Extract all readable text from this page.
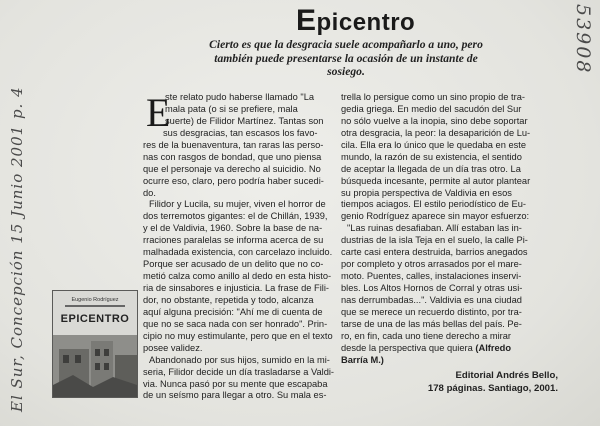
Epicentro
Cierto es que la desgracia suele acompañarlo a uno, pero también puede presentarse la ocasión de un instante de sosiego.
E
ste relato pudo haberse llamado "La
mala pata (o si se prefiere, mala
suerte) de Filidor Martínez. Tantas son
sus desgracias, tan escasos los favo-
res de la buenaventura, tan raras las perso-
nas con rasgos de bondad, que uno piensa
que el personaje va derecho al suicidio. No
ocurre eso, claro, pero podría haber sucedi-
do.
Filidor y Lucila, su mujer, viven el horror de
dos terremotos gigantes: el de Chillán, 1939,
y el de Valdivia, 1960. Sobre la base de na-
rraciones paralelas se informa acerca de su
malhadada existencia, con carcelazo incluido.
Porque ser acusado de un delito que no co-
metió calza como anillo al dedo en esta histo-
ria de sinsabores e injusticia. La frase de Fili-
dor, no obstante, repetida y todo, alcanza
aquí alguna precisión: "Ahí me di cuenta de
que no se saca nada con ser honrado". Prin-
cipio no muy estimulante, pero que en el texto
posee validez.
Abandonado por sus hijos, sumido en la mi-
seria, Filidor decide un día trasladarse a Valdi-
via. Nunca pasó por su mente que escapaba
de un seísmo para llegar a otro. Su mala es-
trella lo persigue como un sino propio de tra-
gedia griega. En medio del sacudón del Sur
no sólo vuelve a la inopia, sino debe soportar
otra desgracia, la peor: la desaparición de Lu-
cila. Ella era lo único que le quedaba en este
mundo, la razón de su existencia, el sentido
de aceptar la llegada de un día tras otro. La
búsqueda incesante, permite al autor plantear
su propia perspectiva de Valdivia en esos
tiempos aciagos. El estilo periodístico de Eu-
genio Rodríguez aparece sin mayor esfuerzo:
"Las ruinas desafiaban. Allí estaban las in-
dustrias de la isla Teja en el suelo, la calle Pi-
carte casi entera destruida, barrios anegados
por completo y otros arrasados por el mare-
moto. Puentes, calles, instalaciones inservi-
bles. Los Altos Hornos de Corral y otras usi-
nas derrumbadas...". Valdivia es una ciudad
que se merece un recuerdo distinto, por tra-
tarse de una de las más bellas del país. Pe-
ro, en fin, cada uno tiene derecho a mirar
desde la perspectiva que quiera (Alfredo
Barría M.)
Eugenio Rodríguez
EPICENTRO
Editorial Andrés Bello,
178 páginas. Santiago, 2001.
El Sur, Concepción 15 Junio 2001 p. 4
53908
